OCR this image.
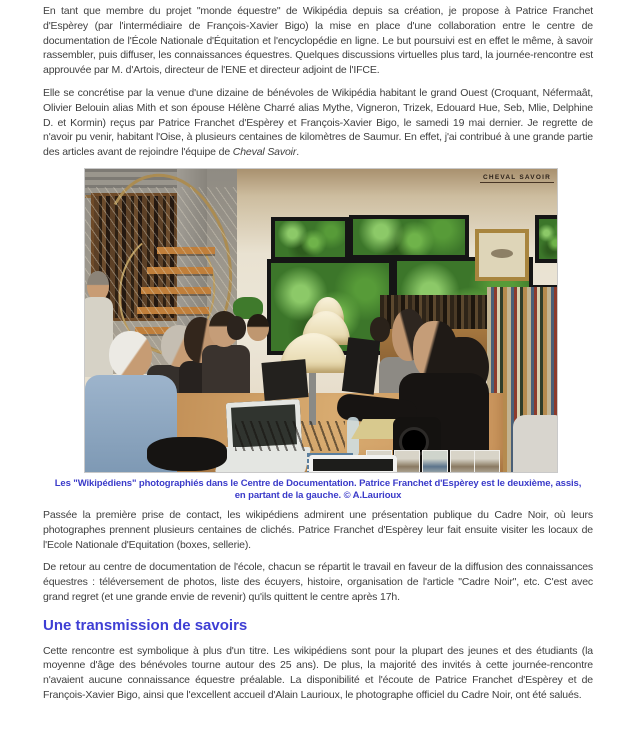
En tant que membre du projet "monde équestre" de Wikipédia depuis sa création, je propose à Patrice Franchet d'Espèrey (par l'intermédiaire de François-Xavier Bigo) la mise en place d'une collaboration entre le centre de documentation de l'École Nationale d'Équitation et l'encyclopédie en ligne. Le but poursuivi est en effet le même, à savoir rassembler, puis diffuser, les connaissances équestres. Quelques discussions virtuelles plus tard, la journée-rencontre est approuvée par M. d'Artois, directeur de l'ENE et directeur adjoint de l'IFCE.

Elle se concrétise par la venue d'une dizaine de bénévoles de Wikipédia habitant le grand Ouest (Croquant, Néfermaât, Olivier Belouin alias Mith et son épouse Hélène Charré alias Mythe, Vigneron, Trizek, Edouard Hue, Seb, Mlie, Delphine D. et Kormin) reçus par Patrice Franchet d'Espèrey et François-Xavier Bigo, le samedi 19 mai dernier. Je regrette de n'avoir pu venir, habitant l'Oise, à plusieurs centaines de kilomètres de Saumur. En effet, j'ai contribué à une grande partie des articles avant de rejoindre l'équipe de Cheval Savoir.

CHEVAL SAVOIR
Les "Wikipédiens" photographiés dans le Centre de Documentation. Patrice Franchet d'Espèrey est le deuxième, assis, en partant de la gauche. © A.Laurioux

Passée la première prise de contact, les wikipédiens admirent une présentation publique du Cadre Noir, où leurs photographes prennent plusieurs centaines de clichés. Patrice Franchet d'Espèrey leur fait ensuite visiter les locaux de l'Ecole Nationale d'Equitation (boxes, sellerie).

De retour au centre de documentation de l'école, chacun se répartit le travail en faveur de la diffusion des connaissances équestres : téléversement de photos, liste des écuyers, histoire, organisation de l'article "Cadre Noir", etc. C'est avec grand regret (et une grande envie de revenir) qu'ils quittent le centre après 17h.

Une transmission de savoirs

Cette rencontre est symbolique à plus d'un titre. Les wikipédiens sont pour la plupart des jeunes et des étudiants (la moyenne d'âge des bénévoles tourne autour des 25 ans). De plus, la majorité des invités à cette journée-rencontre n'avaient aucune connaissance équestre préalable. La disponibilité et l'écoute de Patrice Franchet d'Espèrey et de François-Xavier Bigo, ainsi que l'excellent accueil d'Alain Laurioux, le photographe officiel du Cadre Noir, ont été salués.
